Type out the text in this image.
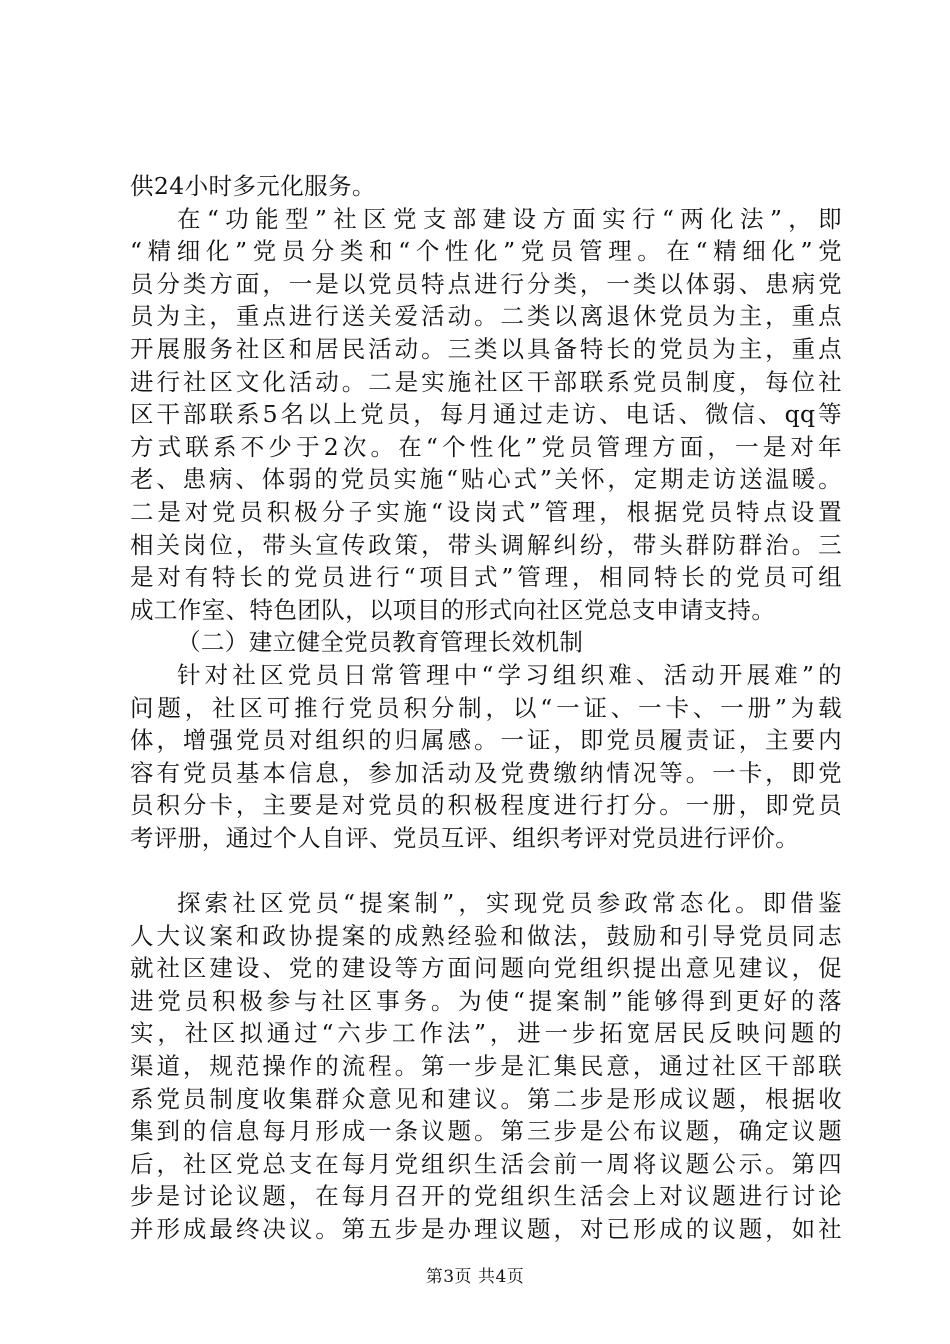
供24小时多元化服务。
在“功能型”社区党支部建设方面实行“两化法”，即
“精细化”党员分类和“个性化”党员管理。在“精细化”党
员分类方面，一是以党员特点进行分类，一类以体弱、患病党
员为主，重点进行送关爱活动。二类以离退休党员为主，重点
开展服务社区和居民活动。三类以具备特长的党员为主，重点
进行社区文化活动。二是实施社区干部联系党员制度，每位社
区干部联系5名以上党员，每月通过走访、电话、微信、qq等
方式联系不少于2次。在“个性化”党员管理方面，一是对年
老、患病、体弱的党员实施“贴心式”关怀，定期走访送温暖。
二是对党员积极分子实施“设岗式”管理，根据党员特点设置
相关岗位，带头宣传政策，带头调解纠纷，带头群防群治。三
是对有特长的党员进行“项目式”管理，相同特长的党员可组
成工作室、特色团队，以项目的形式向社区党总支申请支持。
（二）建立健全党员教育管理长效机制
针对社区党员日常管理中“学习组织难、活动开展难”的
问题，社区可推行党员积分制，以“一证、一卡、一册”为载
体，增强党员对组织的归属感。一证，即党员履责证，主要内
容有党员基本信息，参加活动及党费缴纳情况等。一卡，即党
员积分卡，主要是对党员的积极程度进行打分。一册，即党员
考评册，通过个人自评、党员互评、组织考评对党员进行评价。
探索社区党员“提案制”，实现党员参政常态化。即借鉴
人大议案和政协提案的成熟经验和做法，鼓励和引导党员同志
就社区建设、党的建设等方面问题向党组织提出意见建议，促
进党员积极参与社区事务。为使“提案制”能够得到更好的落
实，社区拟通过“六步工作法”，进一步拓宽居民反映问题的
渠道，规范操作的流程。第一步是汇集民意，通过社区干部联
系党员制度收集群众意见和建议。第二步是形成议题，根据收
集到的信息每月形成一条议题。第三步是公布议题，确定议题
后，社区党总支在每月党组织生活会前一周将议题公示。第四
步是讨论议题，在每月召开的党组织生活会上对议题进行讨论
并形成最终决议。第五步是办理议题，对已形成的议题，如社
第3页 共4页
